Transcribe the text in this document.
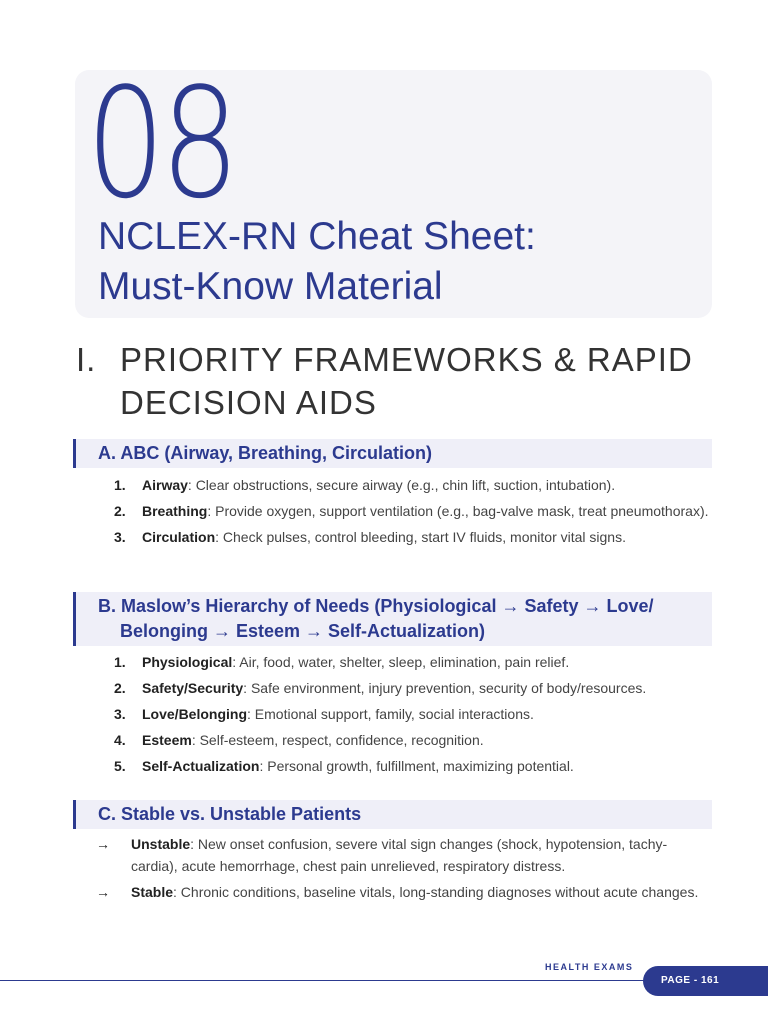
08
NCLEX-RN Cheat Sheet:
Must-Know Material
I. PRIORITY FRAMEWORKS & RAPID
DECISION AIDS
A. ABC (Airway, Breathing, Circulation)
1. Airway: Clear obstructions, secure airway (e.g., chin lift, suction, intubation).
2. Breathing: Provide oxygen, support ventilation (e.g., bag-valve mask, treat pneumothorax).
3. Circulation: Check pulses, control bleeding, start IV fluids, monitor vital signs.
B. Maslow’s Hierarchy of Needs (Physiological → Safety → Love/
Belonging → Esteem → Self-Actualization)
1. Physiological: Air, food, water, shelter, sleep, elimination, pain relief.
2. Safety/Security: Safe environment, injury prevention, security of body/resources.
3. Love/Belonging: Emotional support, family, social interactions.
4. Esteem: Self-esteem, respect, confidence, recognition.
5. Self-Actualization: Personal growth, fulfillment, maximizing potential.
C. Stable vs. Unstable Patients
→ Unstable: New onset confusion, severe vital sign changes (shock, hypotension, tachy-cardia), acute hemorrhage, chest pain unrelieved, respiratory distress.
→ Stable: Chronic conditions, baseline vitals, long-standing diagnoses without acute changes.
HEALTH EXAMS
PAGE - 161
